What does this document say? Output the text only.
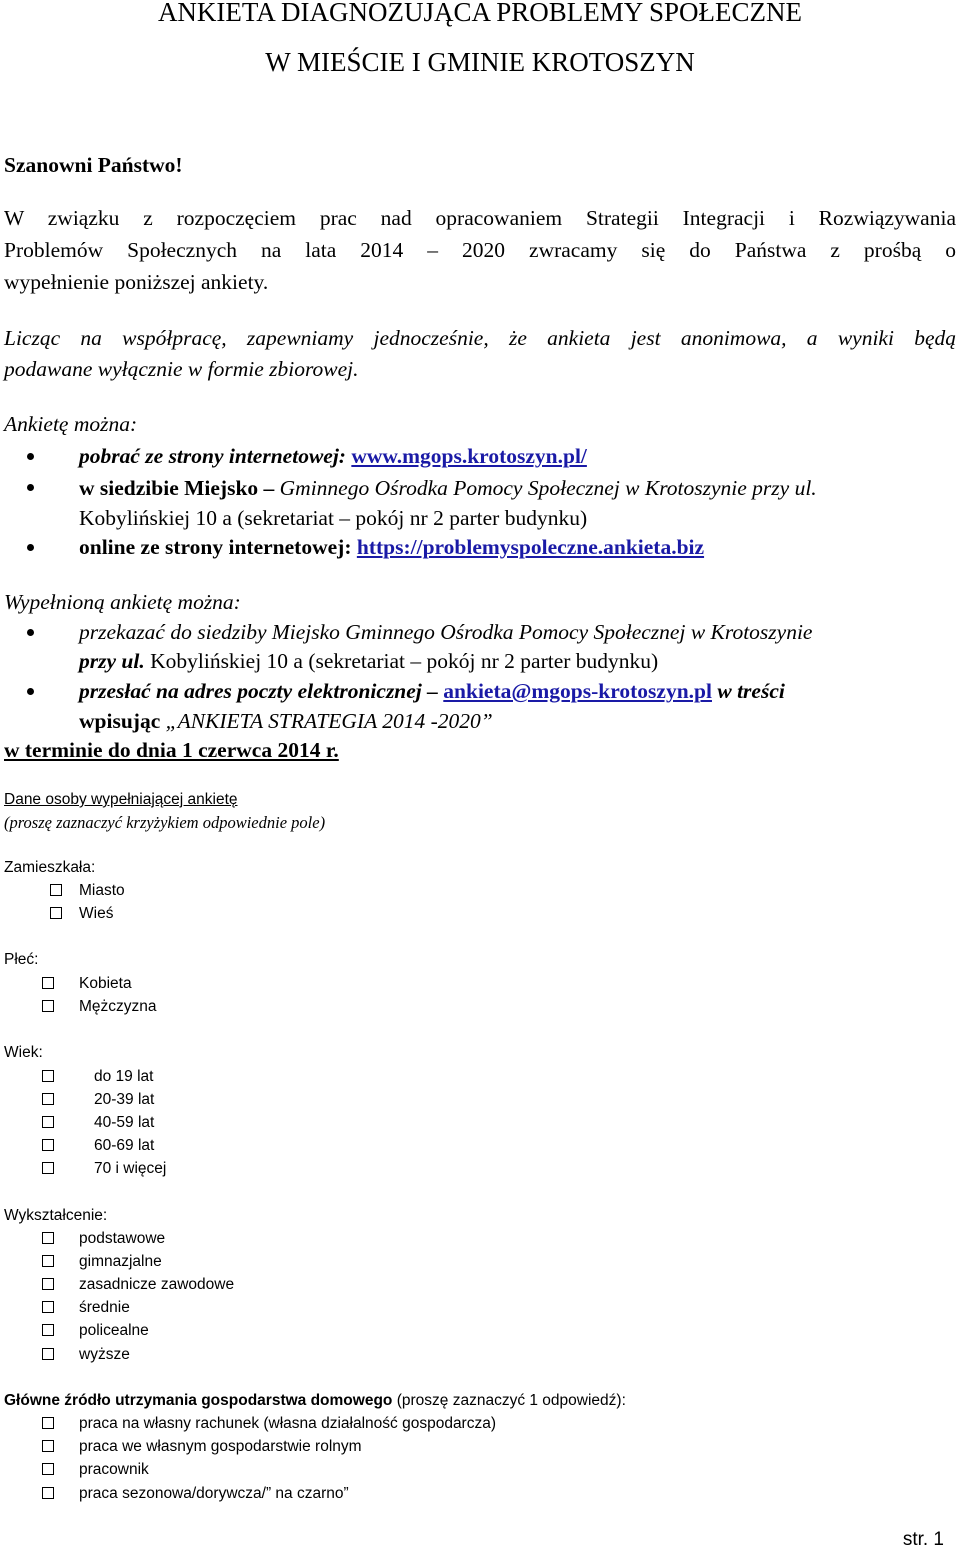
ANKIETA DIAGNOZUJĄCA PROBLEMY SPOŁECZNE
W MIEŚCIE I GMINIE KROTOSZYN
Szanowni Państwo!
W związku z rozpoczęciem prac nad opracowaniem Strategii Integracji i Rozwiązywania
Problemów Społecznych na lata 2014 – 2020 zwracamy się do Państwa z prośbą o
wypełnienie poniższej ankiety.
Licząc na współpracę, zapewniamy jednocześnie, że ankieta jest anonimowa, a wyniki będą
podawane wyłącznie w formie zbiorowej.
Ankietę można:
pobrać ze strony internetowej: www.mgops.krotoszyn.pl/
w siedzibie Miejsko – Gminnego Ośrodka Pomocy Społecznej w Krotoszynie przy ul.
Kobylińskiej 10 a (sekretariat – pokój nr 2 parter budynku)
online ze strony internetowej: https://problemyspoleczne.ankieta.biz
Wypełnioną ankietę można:
przekazać do siedziby Miejsko Gminnego Ośrodka Pomocy Społecznej w Krotoszynie
przy ul. Kobylińskiej 10 a (sekretariat – pokój nr 2 parter budynku)
przesłać na adres poczty elektronicznej – ankieta@mgops-krotoszyn.pl w treści
wpisując „ANKIETA STRATEGIA 2014 -2020”
w terminie do dnia 1 czerwca 2014 r.
Dane osoby wypełniającej ankietę
(proszę zaznaczyć krzyżykiem odpowiednie pole)
Zamieszkała:
Miasto
Wieś
Płeć:
Kobieta
Mężczyzna
Wiek:
do 19 lat
20-39 lat
40-59 lat
60-69 lat
70 i więcej
Wykształcenie:
podstawowe
gimnazjalne
zasadnicze zawodowe
średnie
policealne
wyższe
Główne źródło utrzymania gospodarstwa domowego (proszę zaznaczyć 1 odpowiedź):
praca na własny rachunek (własna działalność gospodarcza)
praca we własnym gospodarstwie rolnym
pracownik
praca sezonowa/dorywcza/” na czarno”
str. 1
